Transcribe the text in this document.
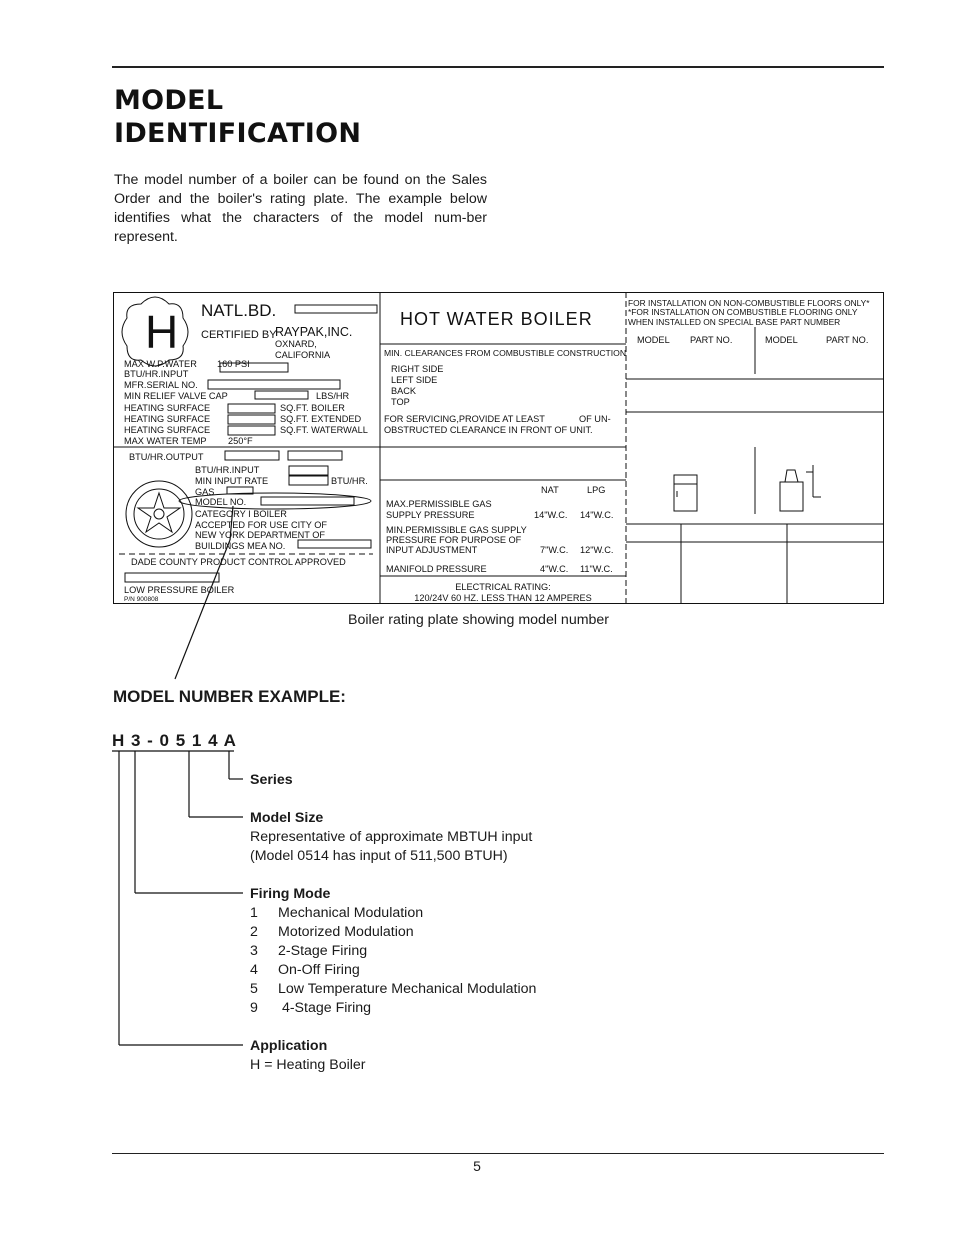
MODEL
IDENTIFICATION

The model number of a boiler can be found on the Sales Order and the boiler's rating plate. The example below identifies what the characters of the model num-ber represent.

H NATL.BD.
CERTIFIED BY
RAYPAK,INC.
OXNARD,
CALIFORNIA
MAX W.P.WATER 160 PSI
BTU/HR.INPUT
MFR.SERIAL NO.
MIN RELIEF VALVE CAP	LBS/HR
HEATING SURFACE	SQ.FT. BOILER
HEATING SURFACE	SQ.FT. EXTENDED
HEATING SURFACE	SQ.FT. WATERWALL
MAX WATER TEMP 250°F
BTU/HR.OUTPUT
BTU/HR.INPUT
MIN INPUT RATE	BTU/HR.
GAS
MODEL NO.
CATEGORY I BOILER
ACCEPTED FOR USE CITY OF
NEW YORK DEPARTMENT OF
BUILDINGS MEA NO.
DADE COUNTY PRODUCT CONTROL APPROVED
LOW PRESSURE BOILER
P/N 900808
HOT WATER BOILER
MIN. CLEARANCES FROM COMBUSTIBLE CONSTRUCTION
RIGHT SIDE
LEFT SIDE
BACK
TOP
FOR SERVICING,PROVIDE AT LEAST	OF UN-
OBSTRUCTED CLEARANCE IN FRONT OF UNIT.
NAT	LPG
MAX.PERMISSIBLE GAS
SUPPLY PRESSURE	14"W.C. 14"W.C.
MIN.PERMISSIBLE GAS SUPPLY
PRESSURE FOR PURPOSE OF
INPUT ADJUSTMENT	7"W.C. 12"W.C.
MANIFOLD PRESSURE	4"W.C. 11"W.C.
ELECTRICAL RATING:
120/24V 60 HZ. LESS THAN 12 AMPERES
FOR INSTALLATION ON NON-COMBUSTIBLE FLOORS ONLY*
*FOR INSTALLATION ON COMBUSTIBLE FLOORING ONLY
WHEN INSTALLED ON SPECIAL BASE PART NUMBER
MODEL PART NO.	MODEL	PART NO.
Boiler rating plate showing model number
MODEL NUMBER EXAMPLE:
H 3 - 0 5 1 4 A
Series
Model Size
Representative of approximate MBTUH input
(Model 0514 has input of 511,500 BTUH)
Firing Mode
1	Mechanical Modulation
2	Motorized Modulation
3	2-Stage Firing
4	On-Off Firing
5	Low Temperature Mechanical Modulation
9	4-Stage Firing
Application
H = Heating Boiler
5
